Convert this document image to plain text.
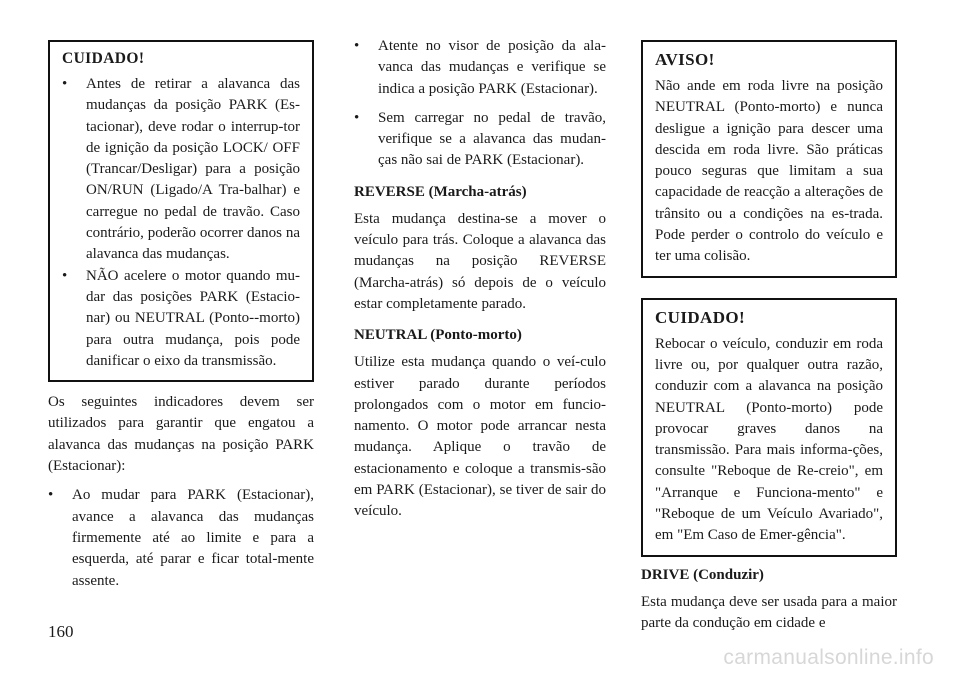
CUIDADO!
• Antes de retirar a alavanca das mudanças da posição PARK (Es-tacionar), deve rodar o interrup-tor de ignição da posição LOCK/ OFF (Trancar/Desligar) para a posição ON/RUN (Ligado/A Tra-balhar) e carregue no pedal de travão. Caso contrário, poderão ocorrer danos na alavanca das mudanças.
• NÃO acelere o motor quando mu-dar das posições PARK (Estacio-nar) ou NEUTRAL (Ponto--morto) para outra mudança, pois pode danificar o eixo da transmissão.

Os seguintes indicadores devem ser utilizados para garantir que engatou a alavanca das mudanças na posição PARK (Estacionar):

• Ao mudar para PARK (Estacionar), avance a alavanca das mudanças firmemente até ao limite e para a esquerda, até parar e ficar total-mente assente.
• Atente no visor de posição da ala-vanca das mudanças e verifique se indica a posição PARK (Estacionar).
• Sem carregar no pedal de travão, verifique se a alavanca das mudan-ças não sai de PARK (Estacionar).
REVERSE (Marcha-atrás)

Esta mudança destina-se a mover o veículo para trás. Coloque a alavanca das mudanças na posição REVERSE (Marcha-atrás) só depois de o veículo estar completamente parado.

NEUTRAL (Ponto-morto)

Utilize esta mudança quando o veí-culo estiver parado durante períodos prolongados com o motor em funcio-namento. O motor pode arrancar nesta mudança. Aplique o travão de estacionamento e coloque a transmis-são em PARK (Estacionar), se tiver de sair do veículo.

AVISO!

Não ande em roda livre na posição NEUTRAL (Ponto-morto) e nunca desligue a ignição para descer uma descida em roda livre. São práticas pouco seguras que limitam a sua capacidade de reacção a alterações de trânsito ou a condições na es-trada. Pode perder o controlo do veículo e ter uma colisão.

CUIDADO!

Rebocar o veículo, conduzir em roda livre ou, por qualquer outra razão, conduzir com a alavanca na posição NEUTRAL (Ponto-morto) pode provocar graves danos na transmissão. Para mais informa-ções, consulte "Reboque de Re-creio", em "Arranque e Funciona-mento" e "Reboque de um Veículo Avariado", em "Em Caso de Emer-gência".

DRIVE (Conduzir)

Esta mudança deve ser usada para a maior parte da condução em cidade e

160
carmanualsonline.info
